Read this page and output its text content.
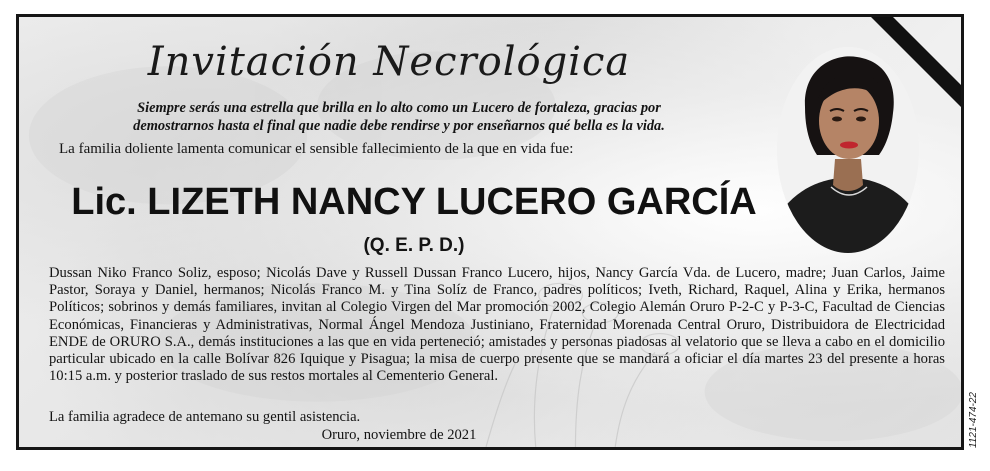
Invitación Necrológica

Siempre serás una estrella que brilla en lo alto como un Lucero de fortaleza, gracias por
demostrarnos hasta el final que nadie debe rendirse y por enseñarnos qué bella es la vida.

La familia doliente lamenta comunicar el sensible fallecimiento de la que en vida fue:

Lic. LIZETH NANCY LUCERO GARCÍA

(Q. E. P. D.)

Dussan Niko Franco Soliz, esposo; Nicolás Dave y Russell Dussan Franco Lucero, hijos, Nancy García Vda. de Lucero, madre; Juan Carlos, Jaime Pastor, Soraya y Daniel, hermanos; Nicolás Franco M. y Tina Solíz de Franco, padres políticos; Iveth, Richard, Raquel, Alina y Erika, hermanos Políticos; sobrinos y demás familiares, invitan al Colegio Virgen del Mar promoción 2002, Colegio Alemán Oruro P-2-C y P-3-C, Facultad de Ciencias Económicas, Financieras y Administrativas, Normal Ángel Mendoza Justiniano, Fraternidad Morenada Central Oruro, Distribuidora de Electricidad ENDE de ORURO S.A., demás instituciones a las que en vida perteneció; amistades y personas piadosas al velatorio que se lleva a cabo en el domicilio particular ubicado en la calle Bolívar 826 Iquique y Pisagua; la misa de cuerpo presente que se mandará a oficiar el día martes 23 del presente a horas 10:15 a.m. y posterior traslado de sus restos mortales al Cementerio General.

La familia agradece de antemano su gentil asistencia.

Oruro, noviembre de 2021	1121-474-22
